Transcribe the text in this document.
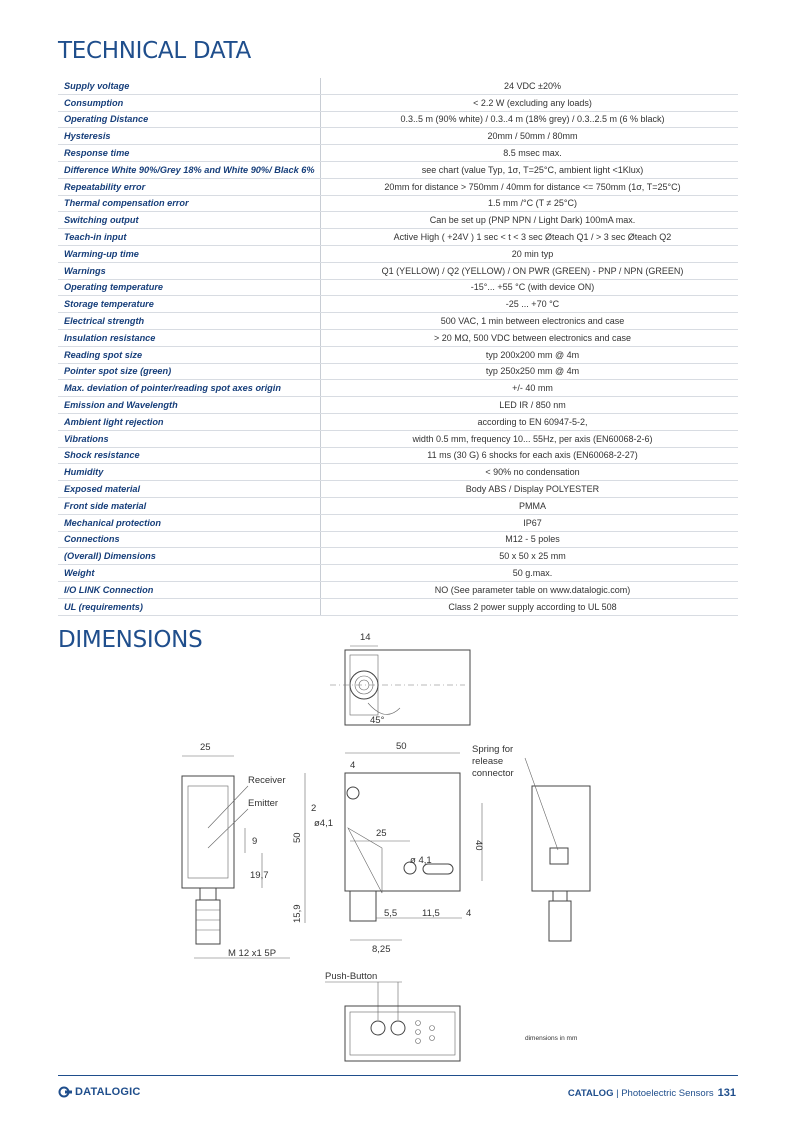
TECHNICAL DATA
Supply voltage	24 VDC ±20%
Consumption	< 2.2 W (excluding any loads)
Operating Distance	0.3..5 m (90% white) / 0.3..4 m (18% grey) / 0.3..2.5 m (6 % black)
Hysteresis	20mm / 50mm / 80mm
Response time	8.5 msec max.
Difference White 90%/Grey 18% and White 90%/ Black 6%	see chart (value Typ, 1σ, T=25°C, ambient light <1Klux)
Repeatability error	20mm for distance > 750mm / 40mm for distance <= 750mm (1σ, T=25°C)
Thermal compensation error	1.5 mm /°C (T ≠ 25°C)
Switching output	Can be set up (PNP NPN / Light Dark) 100mA max.
Teach-in input	Active High ( +24V ) 1 sec < t < 3 sec Øteach Q1 / > 3 sec Øteach Q2
Warming-up time	20 min typ
Warnings	Q1 (YELLOW) / Q2 (YELLOW) / ON PWR (GREEN) - PNP / NPN (GREEN)
Operating temperature	-15°... +55 °C (with device ON)
Storage temperature	-25 ... +70 °C
Electrical strength	500 VAC, 1 min between electronics and case
Insulation resistance	> 20 MΩ, 500 VDC between electronics and case
Reading spot size	typ 200x200 mm @ 4m
Pointer spot size (green)	typ 250x250 mm @ 4m
Max. deviation of pointer/reading spot axes origin	+/- 40 mm
Emission and Wavelength	LED IR / 850 nm
Ambient light rejection	according to EN 60947-5-2,
Vibrations	width 0.5 mm, frequency 10... 55Hz, per axis (EN60068-2-6)
Shock resistance	11 ms (30 G) 6 shocks for each axis (EN60068-2-27)
Humidity	< 90% no condensation
Exposed material	Body ABS / Display POLYESTER
Front side material	PMMA
Mechanical protection	IP67
Connections	M12 - 5 poles
(Overall) Dimensions	50 x 50 x 25 mm
Weight	50 g.max.
I/O LINK Connection	NO (See parameter table on www.datalogic.com)
UL (requirements)	Class 2 power supply according to UL 508
DIMENSIONS	14
45°
25
Receiver
Emitter
9
19,7
M 12 x1 5P
50
4
2
ø4,1
25
50
40
ø 4,1
15,9	5,5	11,5	4
8,25
Spring for
release
connector
Push-Button
dimensions in mm
DATALOGIC	CATALOG | Photoelectric Sensors 131
